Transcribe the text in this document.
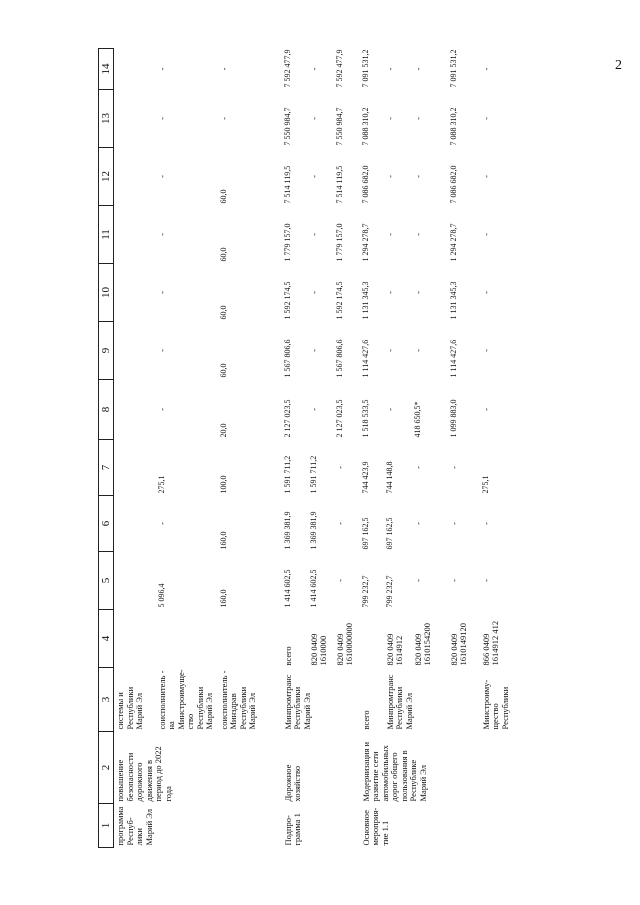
2
1	2	3	4	5	6	7	8	9	10	11	12	13	14
программа Респуб-лики Марий Эл	повышение безопасности дорожного движения в период до 2022 года	системы и Республики Марий Эл											
		соисполнитель - на Минстроимуще-ство Республики Марий Эл		5 096,4	-	275,1	-	-	-	-	-	-	-
		соисполнитель - Минздрав Республики Марий Эл		160,0	160,0	100,0	20,0	60,0	60,0	60,0	60,0	-	-
Подпро-грамма 1	Дорожное хозяйство	Минпромтранс Республики Марий Эл	всего	1 414 602,5	1 369 381,9	1 591 711,2	2 127 023,5	1 567 806,6	1 592 174,5	1 779 157,0	7 514 119,5	7 550 984,7	7 592 477,9
			820 0409 1610000	1 414 602,5	1 369 381,9	1 591 711,2	-	-	-	-	-	-	-
			820 0409 1610000000	-	-	-	2 127 023,5	1 567 806,6	1 592 174,5	1 779 157,0	7 514 119,5	7 550 984,7	7 592 477,9
Основное мероприя-тие 1.1	Модернизация и развитие сети автомобильных дорог общего пользования в Республике Марий Эл	всего		799 232,7	697 162,5	744 423,9	1 518 533,5	1 114 427,6	1 131 345,3	1 294 278,7	7 086 682,0	7 088 310,2	7 091 531,2
		Минпромтранс Республики Марий Эл	820 0409 1614912	799 232,7	697 162,5	744 148,8	-	-	-	-	-	-	-
			820 0409 1610154200	-	-	-	418 650,5*	-	-	-	-	-	-
			820 0409 1610149120	-	-	-	1 099 883,0	1 114 427,6	1 131 345,3	1 294 278,7	7 086 682,0	7 088 310,2	7 091 531,2
		Минстроиму-щество Республики	866 0409 1614912 412	-	-	275,1	-	-	-	-	-	-	-
